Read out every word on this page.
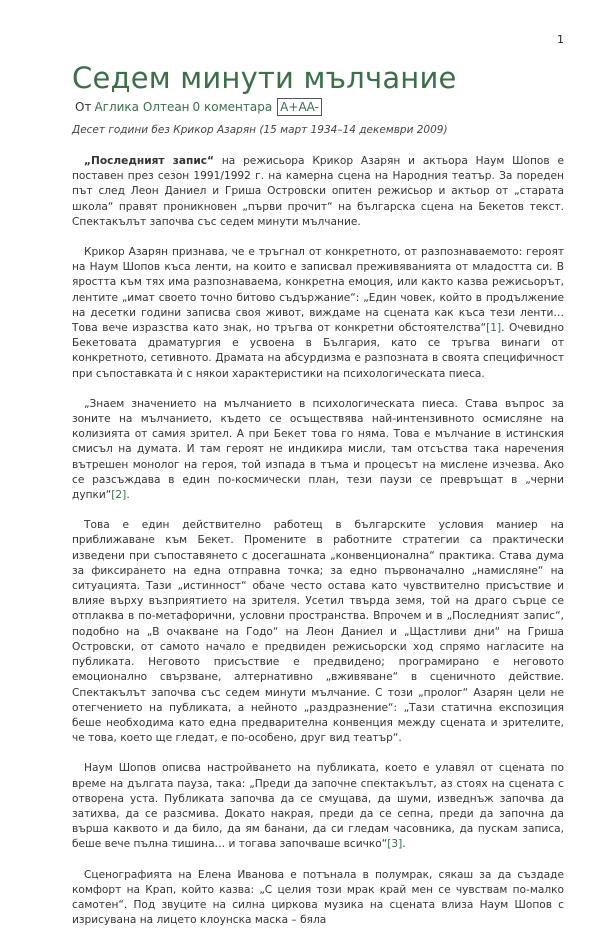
1
Седем минути мълчание
От Аглика Олтеан 0 коментара A+ A A-
Десет години без Крикор Азарян (15 март 1934–14 декември 2009)

„Последният запис“ на режисьора Крикор Азарян и актьора Наум Шопов е поставен през сезон 1991/1992 г. на камерна сцена на Народния театър. За пореден път след Леон Даниел и Гриша Островски опитен режисьор и актьор от „старата школа“ правят проникновен „първи прочит“ на българска сцена на Бекетов текст. Спектакълът започва със седем минути мълчание.

Крикор Азарян признава, че е тръгнал от конкретното, от разпознаваемото: героят на Наум Шопов къса ленти, на които е записвал преживяванията от младостта си. В яростта към тях има разпознаваема, конкретна емоция, или както казва режисьорът, лентите „имат своето точно битово съдържание“: „Един човек, който в продължение на десетки години записва своя живот, виждаме на сцената как къса тези ленти… Това вече изразства като знак, но тръгва от конкретни обстоятелства“[1]. Очевидно Бекетовата драматургия е усвоена в България, като се тръгва винаги от конкретното, сетивното. Драмата на абсурдизма е разпозната в своята специфичност при съпоставката ѝ с някои характеристики на психологическата пиеса.

„Знаем значението на мълчанието в психологическата пиеса. Става въпрос за зоните на мълчанието, където се осъществява най-интензивното осмисляне на колизията от самия зрител. А при Бекет това го няма. Това е мълчание в истинския смисъл на думата. И там героят не индикира мисли, там отсъства така наречения вътрешен монолог на героя, той изпада в тъма и процесът на мислене изчезва. Ако се разсъждава в един по-космически план, тези паузи се превръщат в „черни дупки“[2].

Това е един действително работещ в българските условия маниер на приближаване към Бекет. Промените в работните стратегии са практически изведени при съпоставянето с досегашната „конвенционална“ практика. Става дума за фиксирането на една отправна точка; за едно първоначално „намисляне“ на ситуацията. Тази „истинност“ обаче често остава като чувствително присъствие и влияе върху възприятието на зрителя. Усетил твърда земя, той на драго сърце се отплаква в по-метафорични, условни пространства. Впрочем и в „Последният запис“, подобно на „В очакване на Годо“ на Леон Даниел и „Щастливи дни“ на Гриша Островски, от самото начало е предвиден режисьорски ход спрямо нагласите на публиката. Неговото присъствие е предвидено; програмирано е неговото емоционално свързване, алтернативно „вживяване“ в сценичното действие. Спектакълът започва със седем минути мълчание. С този „пролог“ Азарян цели не отегчението на публиката, а нейното „раздразнение“: „Тази статична експозиция беше необходима като една предварителна конвенция между сцената и зрителите, че това, което ще гледат, е по-особено, друг вид театър“.

Наум Шопов описва настройването на публиката, което е улавял от сцената по време на дългата пауза, така: „Преди да започне спектакълът, аз стоях на сцената с отворена уста. Публиката започва да се смущава, да шуми, изведнъж започва да затихва, да се разсмива. Докато накрая, преди да се сепна, преди да започна да върша каквото и да било, да ям банани, да си гледам часовника, да пускам записа, беше вече пълна тишина… и тогава започваше всичко“[3].

Сценографията на Елена Иванова е потънала в полумрак, сякаш за да създаде комфорт на Крап, който казва: „С целия този мрак край мен се чувствам по-малко самотен“. Под звуците на силна циркова музика на сцената влиза Наум Шопов с изрисувана на лицето клоунска маска – бяла
